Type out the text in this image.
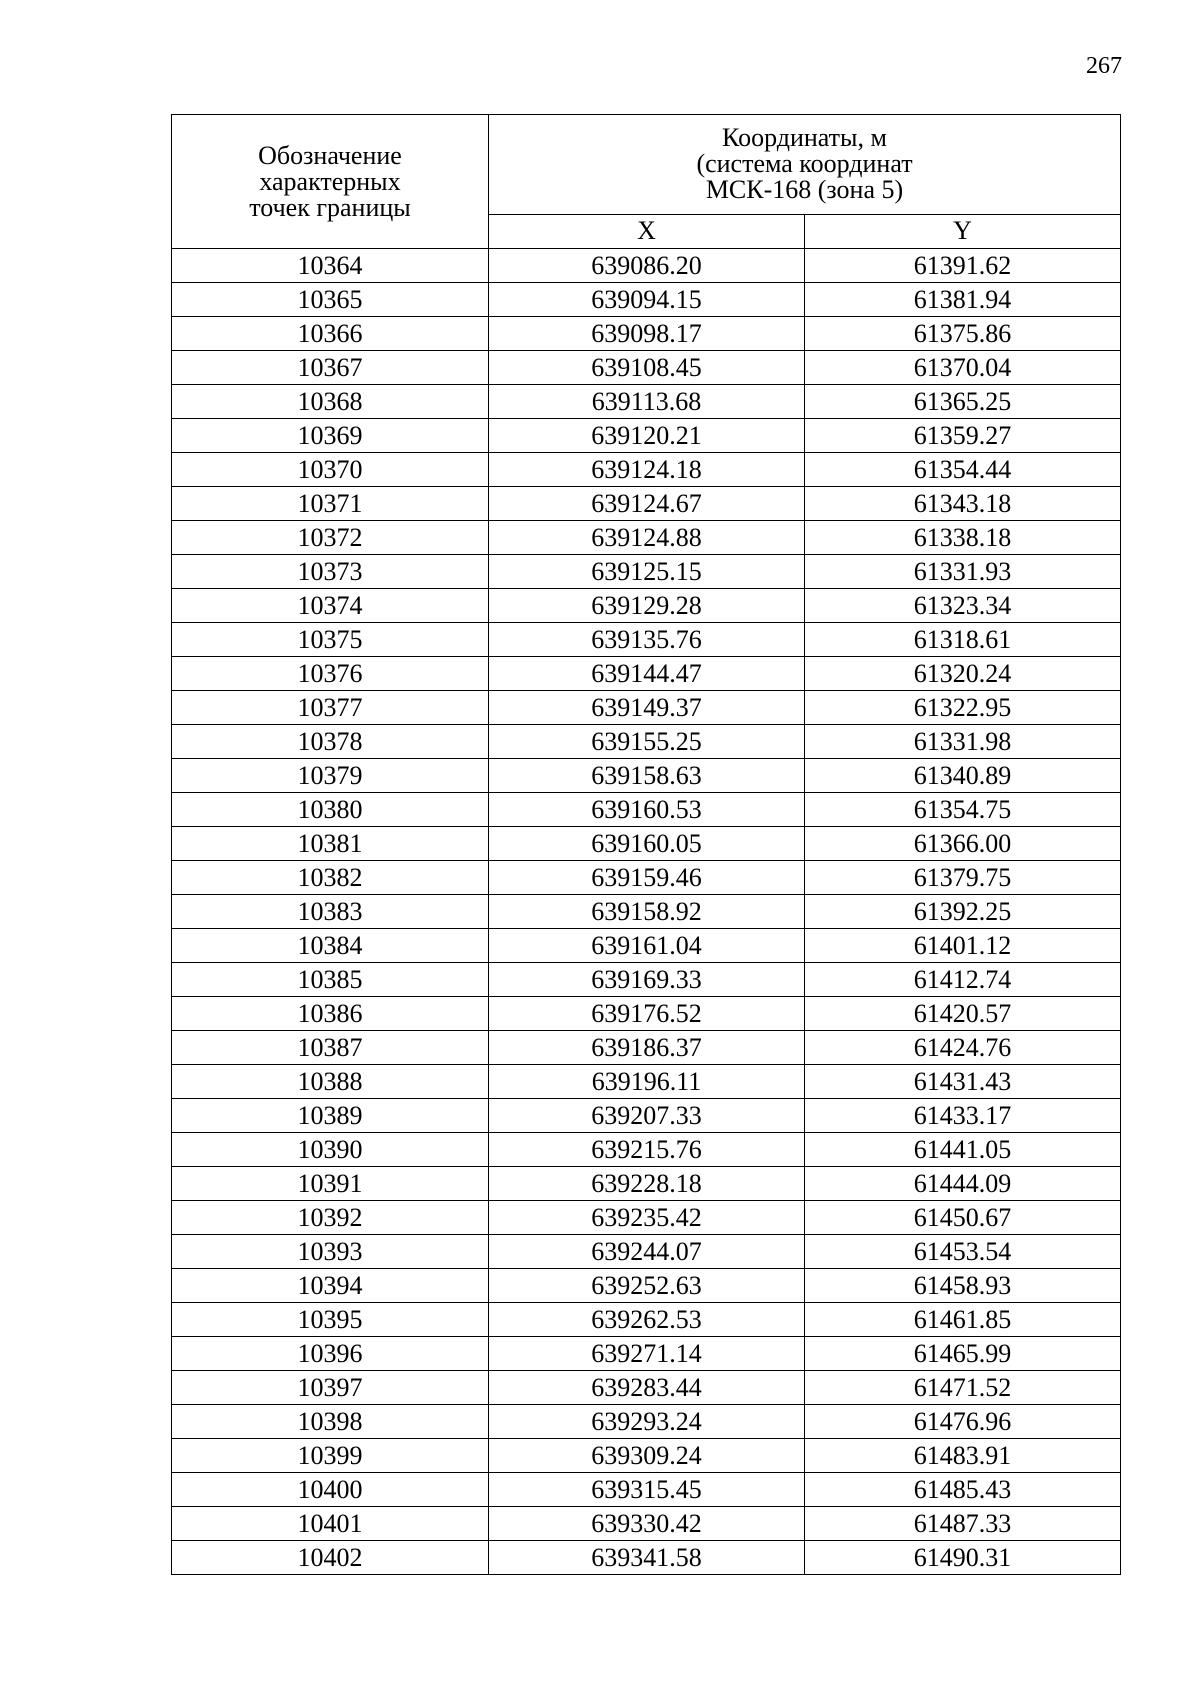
267
Обозначение
характерных
точек границы	Координаты, м
(система координат
МСК-168 (зона 5)	

	X	Y
10364	639086.20	61391.62
10365	639094.15	61381.94
10366	639098.17	61375.86
10367	639108.45	61370.04
10368	639113.68	61365.25
10369	639120.21	61359.27
10370	639124.18	61354.44
10371	639124.67	61343.18
10372	639124.88	61338.18
10373	639125.15	61331.93
10374	639129.28	61323.34
10375	639135.76	61318.61
10376	639144.47	61320.24
10377	639149.37	61322.95
10378	639155.25	61331.98
10379	639158.63	61340.89
10380	639160.53	61354.75
10381	639160.05	61366.00
10382	639159.46	61379.75
10383	639158.92	61392.25
10384	639161.04	61401.12
10385	639169.33	61412.74
10386	639176.52	61420.57
10387	639186.37	61424.76
10388	639196.11	61431.43
10389	639207.33	61433.17
10390	639215.76	61441.05
10391	639228.18	61444.09
10392	639235.42	61450.67
10393	639244.07	61453.54
10394	639252.63	61458.93
10395	639262.53	61461.85
10396	639271.14	61465.99
10397	639283.44	61471.52
10398	639293.24	61476.96
10399	639309.24	61483.91
10400	639315.45	61485.43
10401	639330.42	61487.33
10402	639341.58	61490.31
